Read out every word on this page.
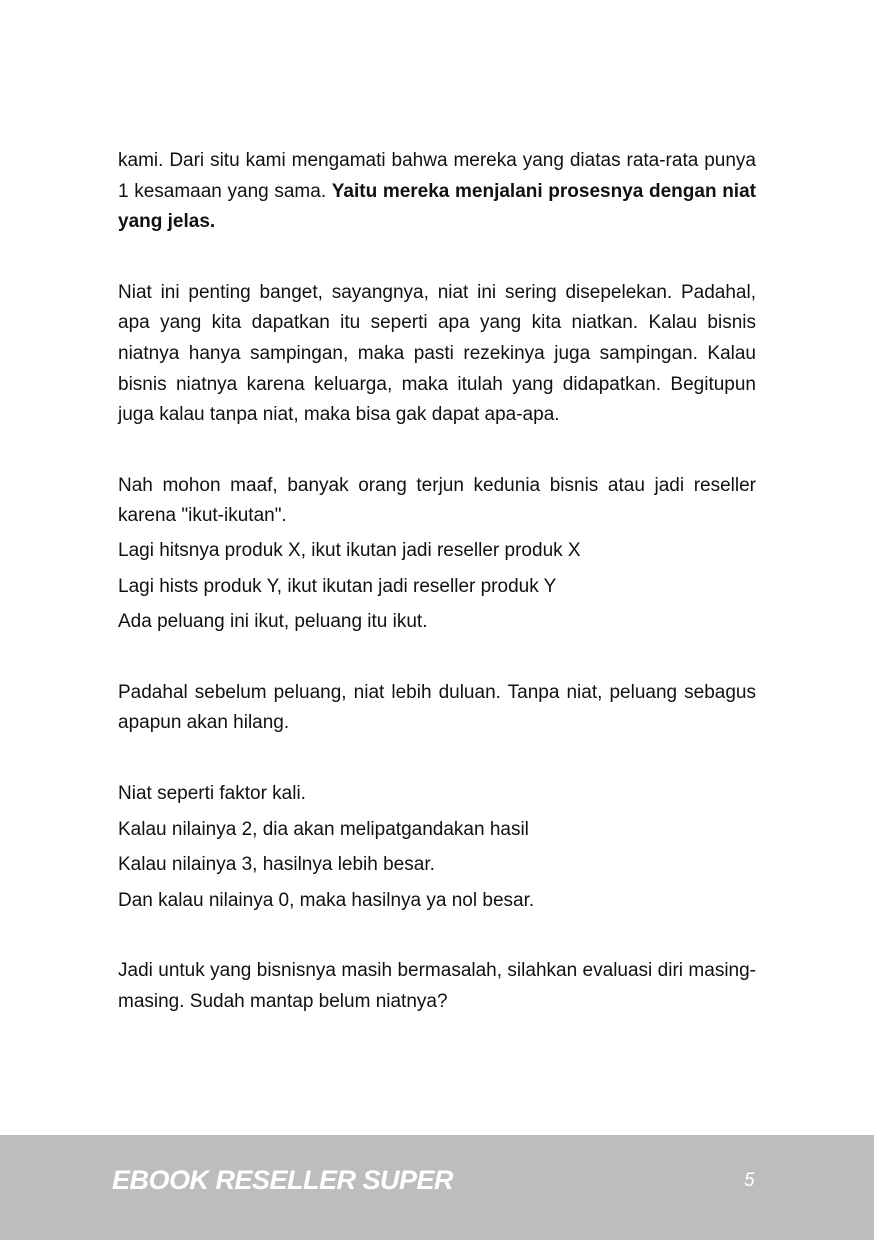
kami. Dari situ kami mengamati bahwa mereka yang diatas rata-rata punya 1 kesamaan yang sama. Yaitu mereka menjalani prosesnya dengan niat yang jelas.

Niat ini penting banget, sayangnya, niat ini sering disepelekan. Padahal, apa yang kita dapatkan itu seperti apa yang kita niatkan. Kalau bisnis niatnya hanya sampingan, maka pasti rezekinya juga sampingan. Kalau bisnis niatnya karena keluarga, maka itulah yang didapatkan. Begitupun juga kalau tanpa niat, maka bisa gak dapat apa-apa.

Nah mohon maaf, banyak orang terjun kedunia bisnis atau jadi reseller karena "ikut-ikutan".
Lagi hitsnya produk X, ikut ikutan jadi reseller produk X
Lagi hists produk Y, ikut ikutan jadi reseller produk Y
Ada peluang ini ikut, peluang itu ikut.

Padahal sebelum peluang, niat lebih duluan. Tanpa niat, peluang sebagus apapun akan hilang.

Niat seperti faktor kali.
Kalau nilainya 2, dia akan melipatgandakan hasil
Kalau nilainya 3, hasilnya lebih besar.
Dan kalau nilainya 0, maka hasilnya ya nol besar.

Jadi untuk yang bisnisnya masih bermasalah, silahkan evaluasi diri masing-masing. Sudah mantap belum niatnya?

EBOOK RESELLER SUPER	5
